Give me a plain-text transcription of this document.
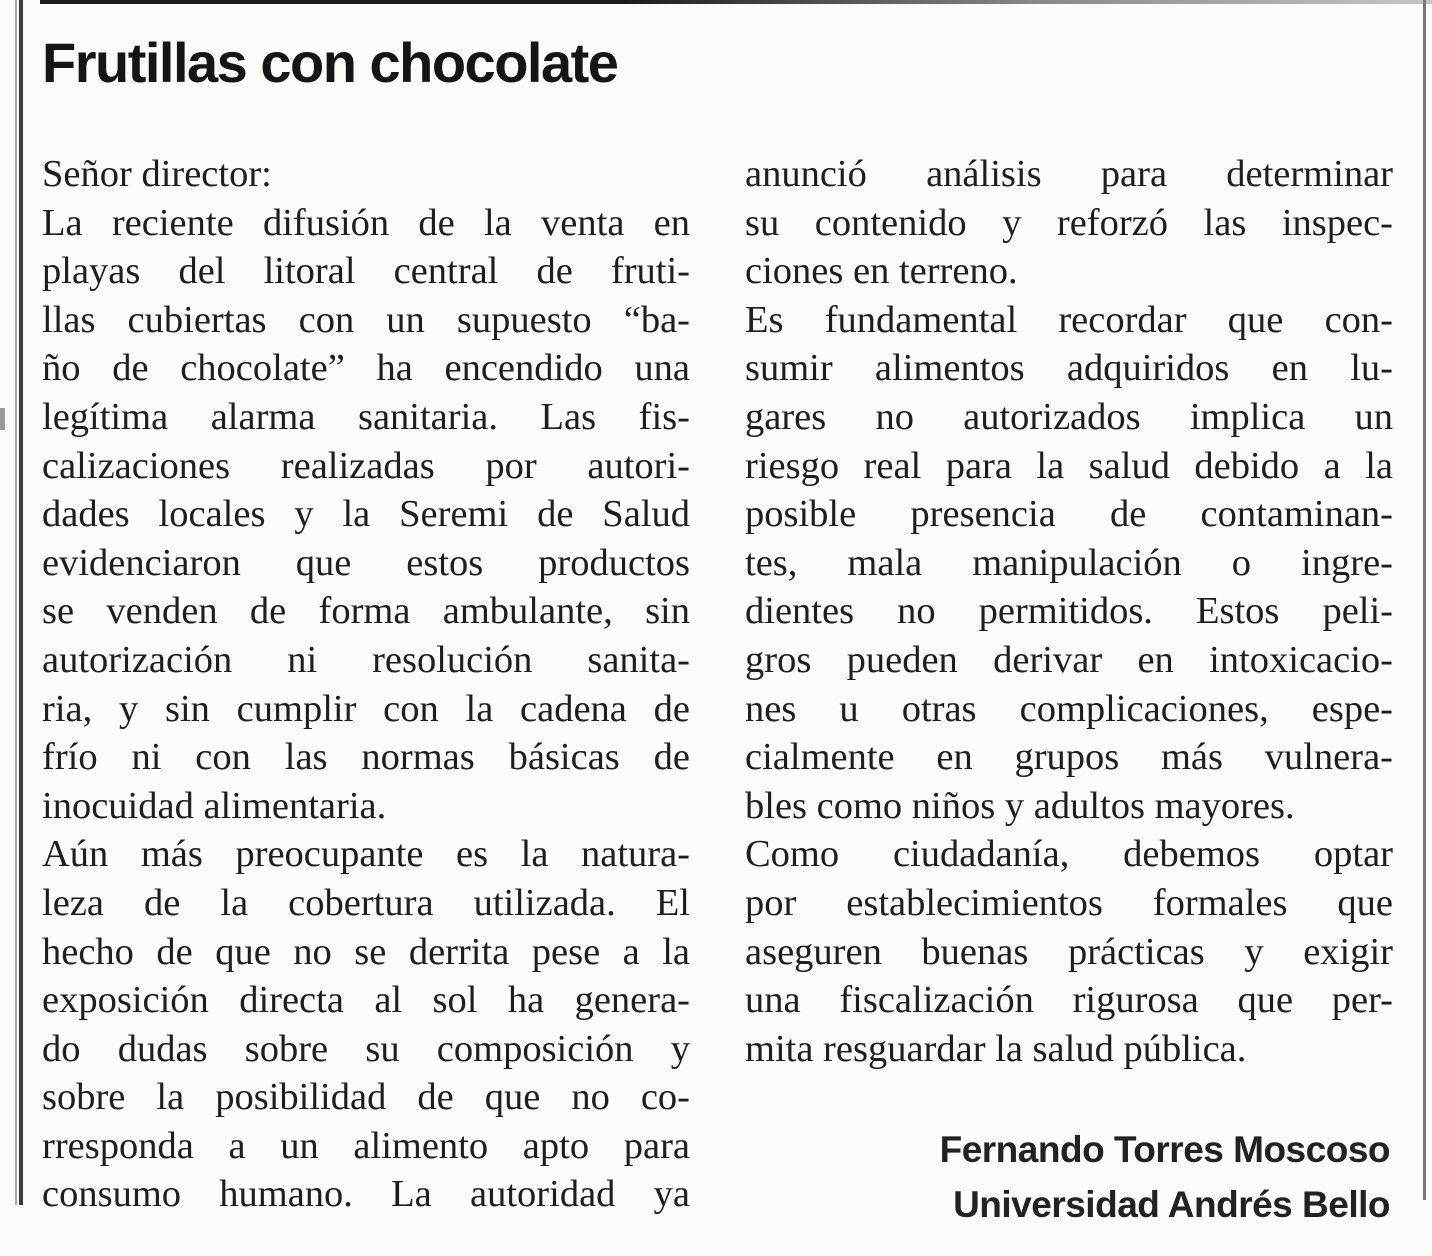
Frutillas con chocolate
Señor director:
La reciente difusión de la venta en
playas del litoral central de fruti-
llas cubiertas con un supuesto “ba-
ño de chocolate” ha encendido una
legítima alarma sanitaria. Las fis-
calizaciones realizadas por autori-
dades locales y la Seremi de Salud
evidenciaron que estos productos
se venden de forma ambulante, sin
autorización ni resolución sanita-
ria, y sin cumplir con la cadena de
frío ni con las normas básicas de
inocuidad alimentaria.
Aún más preocupante es la natura-
leza de la cobertura utilizada. El
hecho de que no se derrita pese a la
exposición directa al sol ha genera-
do dudas sobre su composición y
sobre la posibilidad de que no co-
rresponda a un alimento apto para
consumo humano. La autoridad ya
anunció análisis para determinar
su contenido y reforzó las inspec-
ciones en terreno.
Es fundamental recordar que con-
sumir alimentos adquiridos en lu-
gares no autorizados implica un
riesgo real para la salud debido a la
posible presencia de contaminan-
tes, mala manipulación o ingre-
dientes no permitidos. Estos peli-
gros pueden derivar en intoxicacio-
nes u otras complicaciones, espe-
cialmente en grupos más vulnera-
bles como niños y adultos mayores.
Como ciudadanía, debemos optar
por establecimientos formales que
aseguren buenas prácticas y exigir
una fiscalización rigurosa que per-
mita resguardar la salud pública.
Fernando Torres Moscoso
Universidad Andrés Bello
